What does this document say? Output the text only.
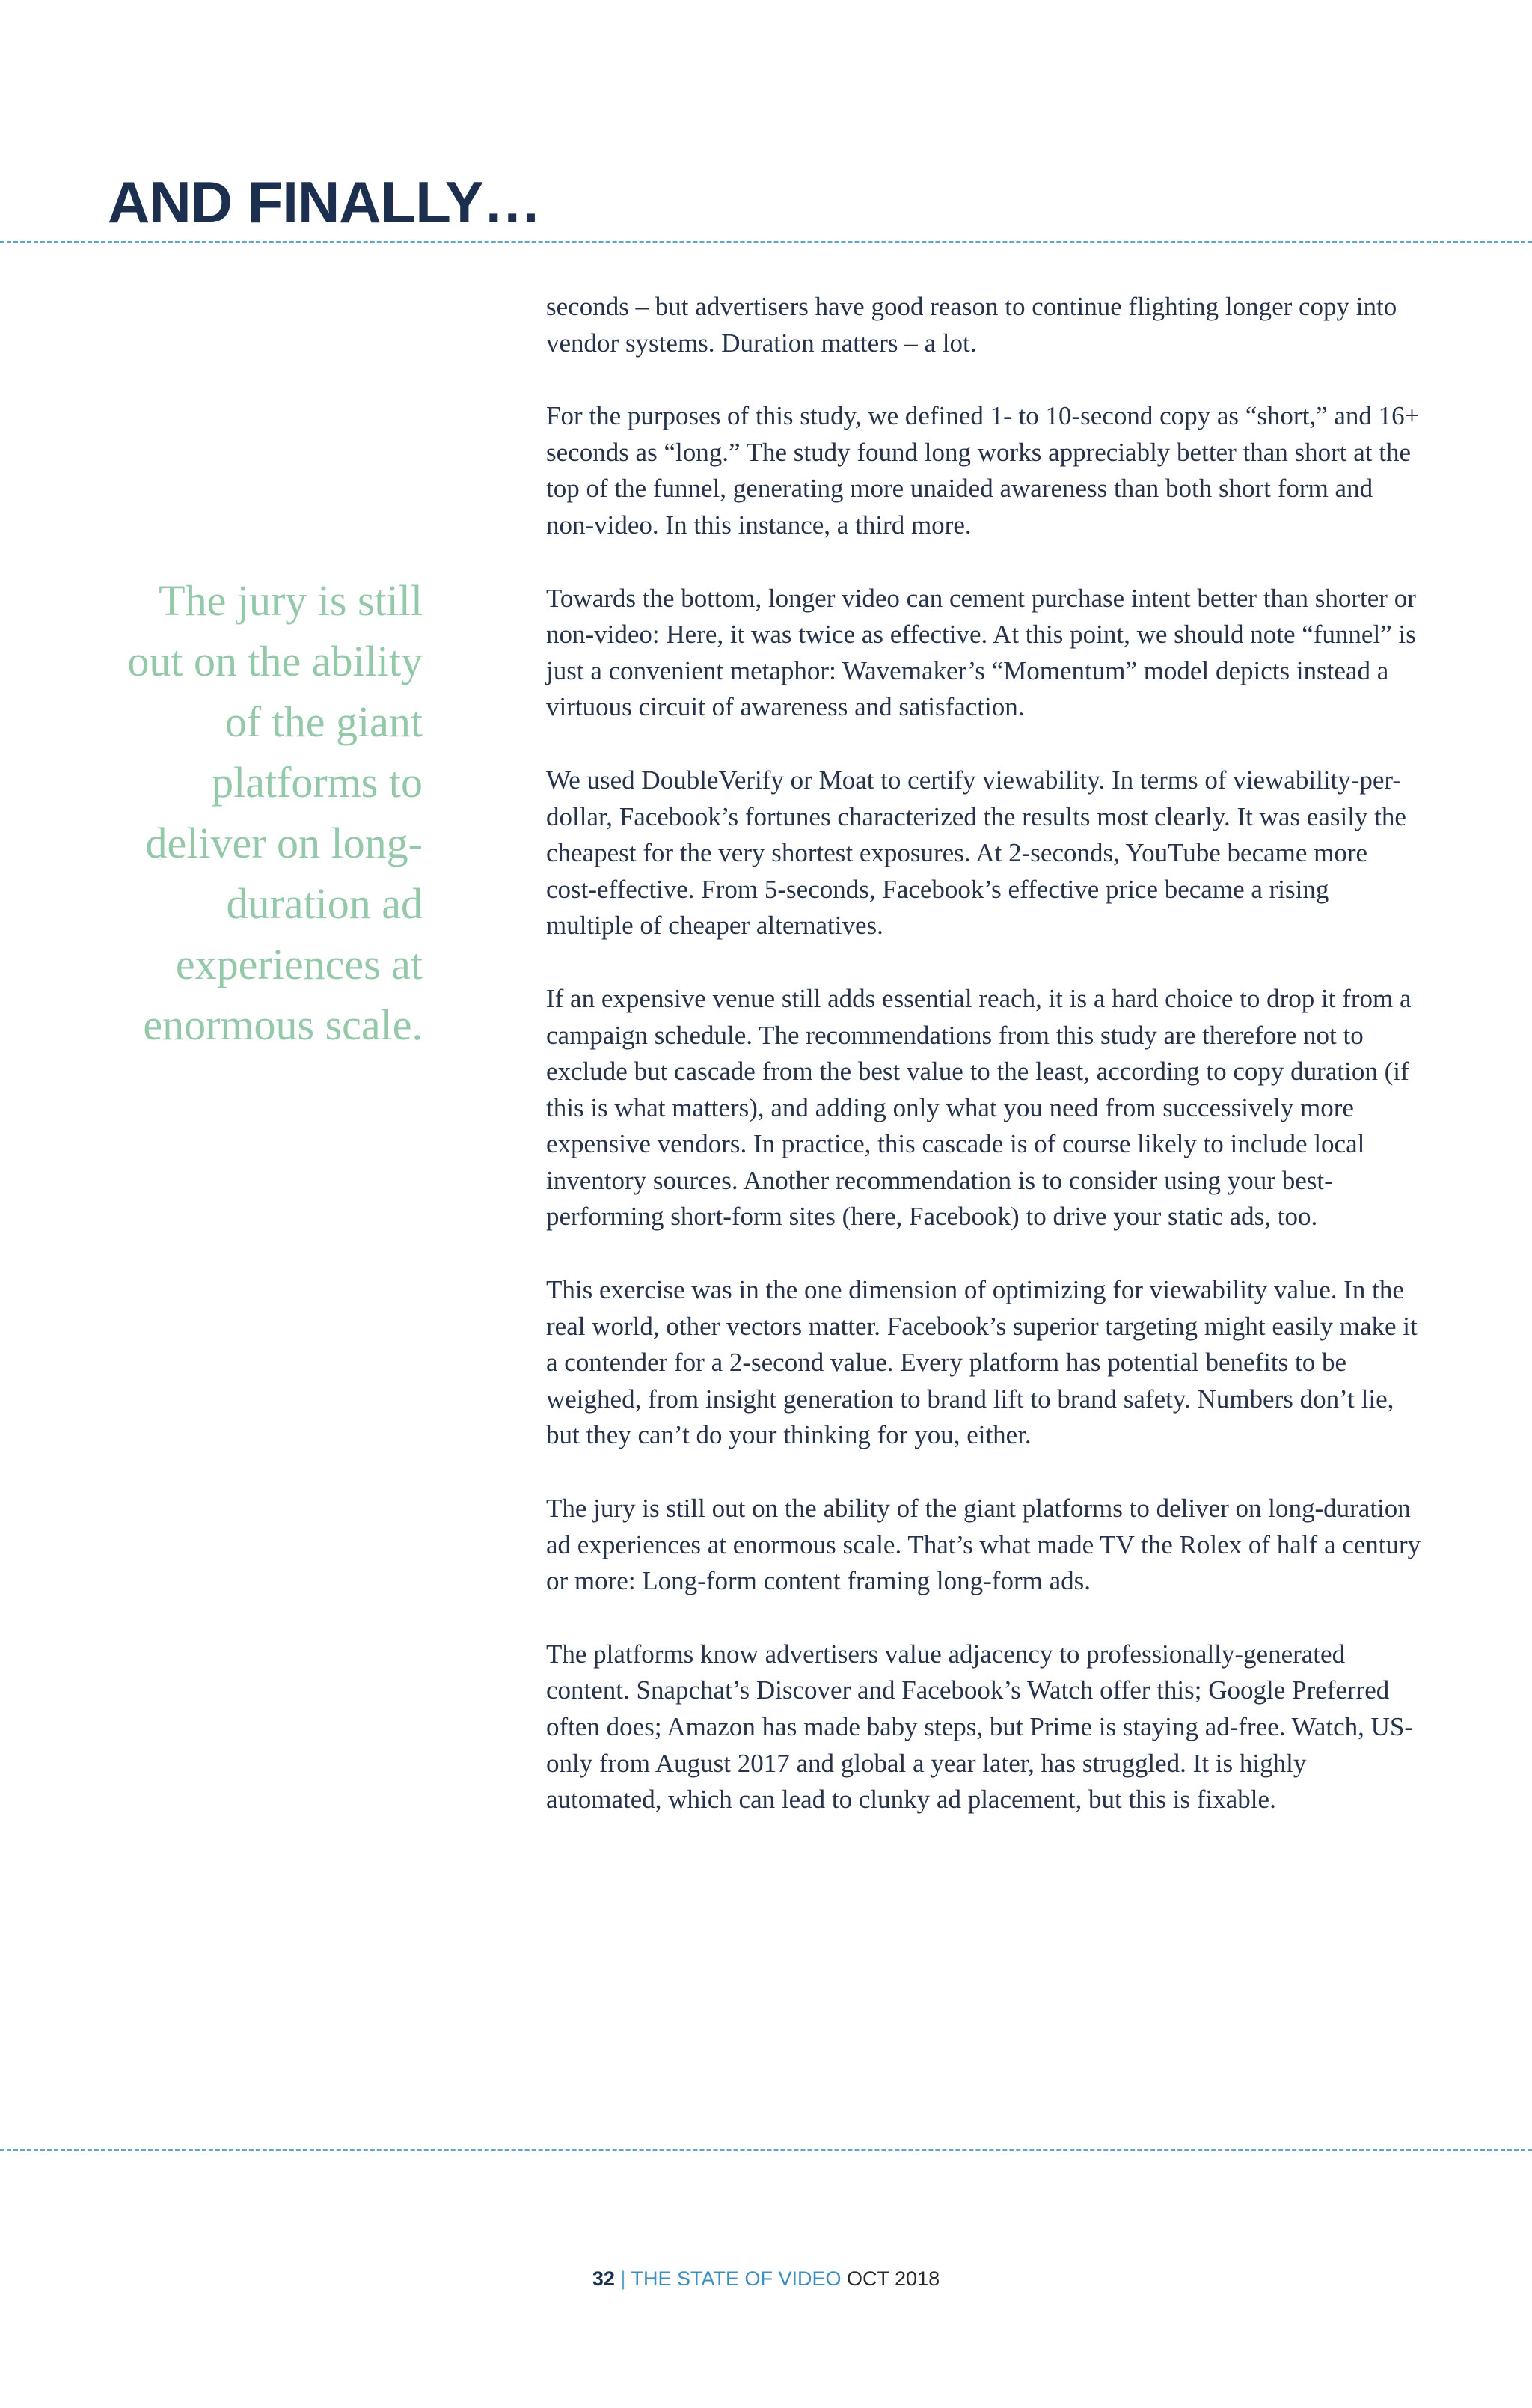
AND FINALLY…

The jury is still out on the ability of the giant platforms to deliver on long-duration ad experiences at enormous scale.

seconds – but advertisers have good reason to continue flighting longer copy into vendor systems. Duration matters – a lot.

For the purposes of this study, we defined 1- to 10-second copy as “short,” and 16+ seconds as “long.” The study found long works appreciably better than short at the top of the funnel, generating more unaided awareness than both short form and non-video. In this instance, a third more.

Towards the bottom, longer video can cement purchase intent better than shorter or non-video: Here, it was twice as effective. At this point, we should note “funnel” is just a convenient metaphor: Wavemaker’s “Momentum” model depicts instead a virtuous circuit of awareness and satisfaction.

We used DoubleVerify or Moat to certify viewability. In terms of viewability-per-dollar, Facebook’s fortunes characterized the results most clearly. It was easily the cheapest for the very shortest exposures. At 2-seconds, YouTube became more cost-effective. From 5-seconds, Facebook’s effective price became a rising multiple of cheaper alternatives.

If an expensive venue still adds essential reach, it is a hard choice to drop it from a campaign schedule. The recommendations from this study are therefore not to exclude but cascade from the best value to the least, according to copy duration (if this is what matters), and adding only what you need from successively more expensive vendors. In practice, this cascade is of course likely to include local inventory sources. Another recommendation is to consider using your best-performing short-form sites (here, Facebook) to drive your static ads, too.

This exercise was in the one dimension of optimizing for viewability value. In the real world, other vectors matter. Facebook’s superior targeting might easily make it a contender for a 2-second value. Every platform has potential benefits to be weighed, from insight generation to brand lift to brand safety. Numbers don’t lie, but they can’t do your thinking for you, either.

The jury is still out on the ability of the giant platforms to deliver on long-duration ad experiences at enormous scale. That’s what made TV the Rolex of half a century or more: Long-form content framing long-form ads.

The platforms know advertisers value adjacency to professionally-generated content. Snapchat’s Discover and Facebook’s Watch offer this; Google Preferred often does; Amazon has made baby steps, but Prime is staying ad-free. Watch, US-only from August 2017 and global a year later, has struggled. It is highly automated, which can lead to clunky ad placement, but this is fixable.

32 | THE STATE OF VIDEO OCT 2018
